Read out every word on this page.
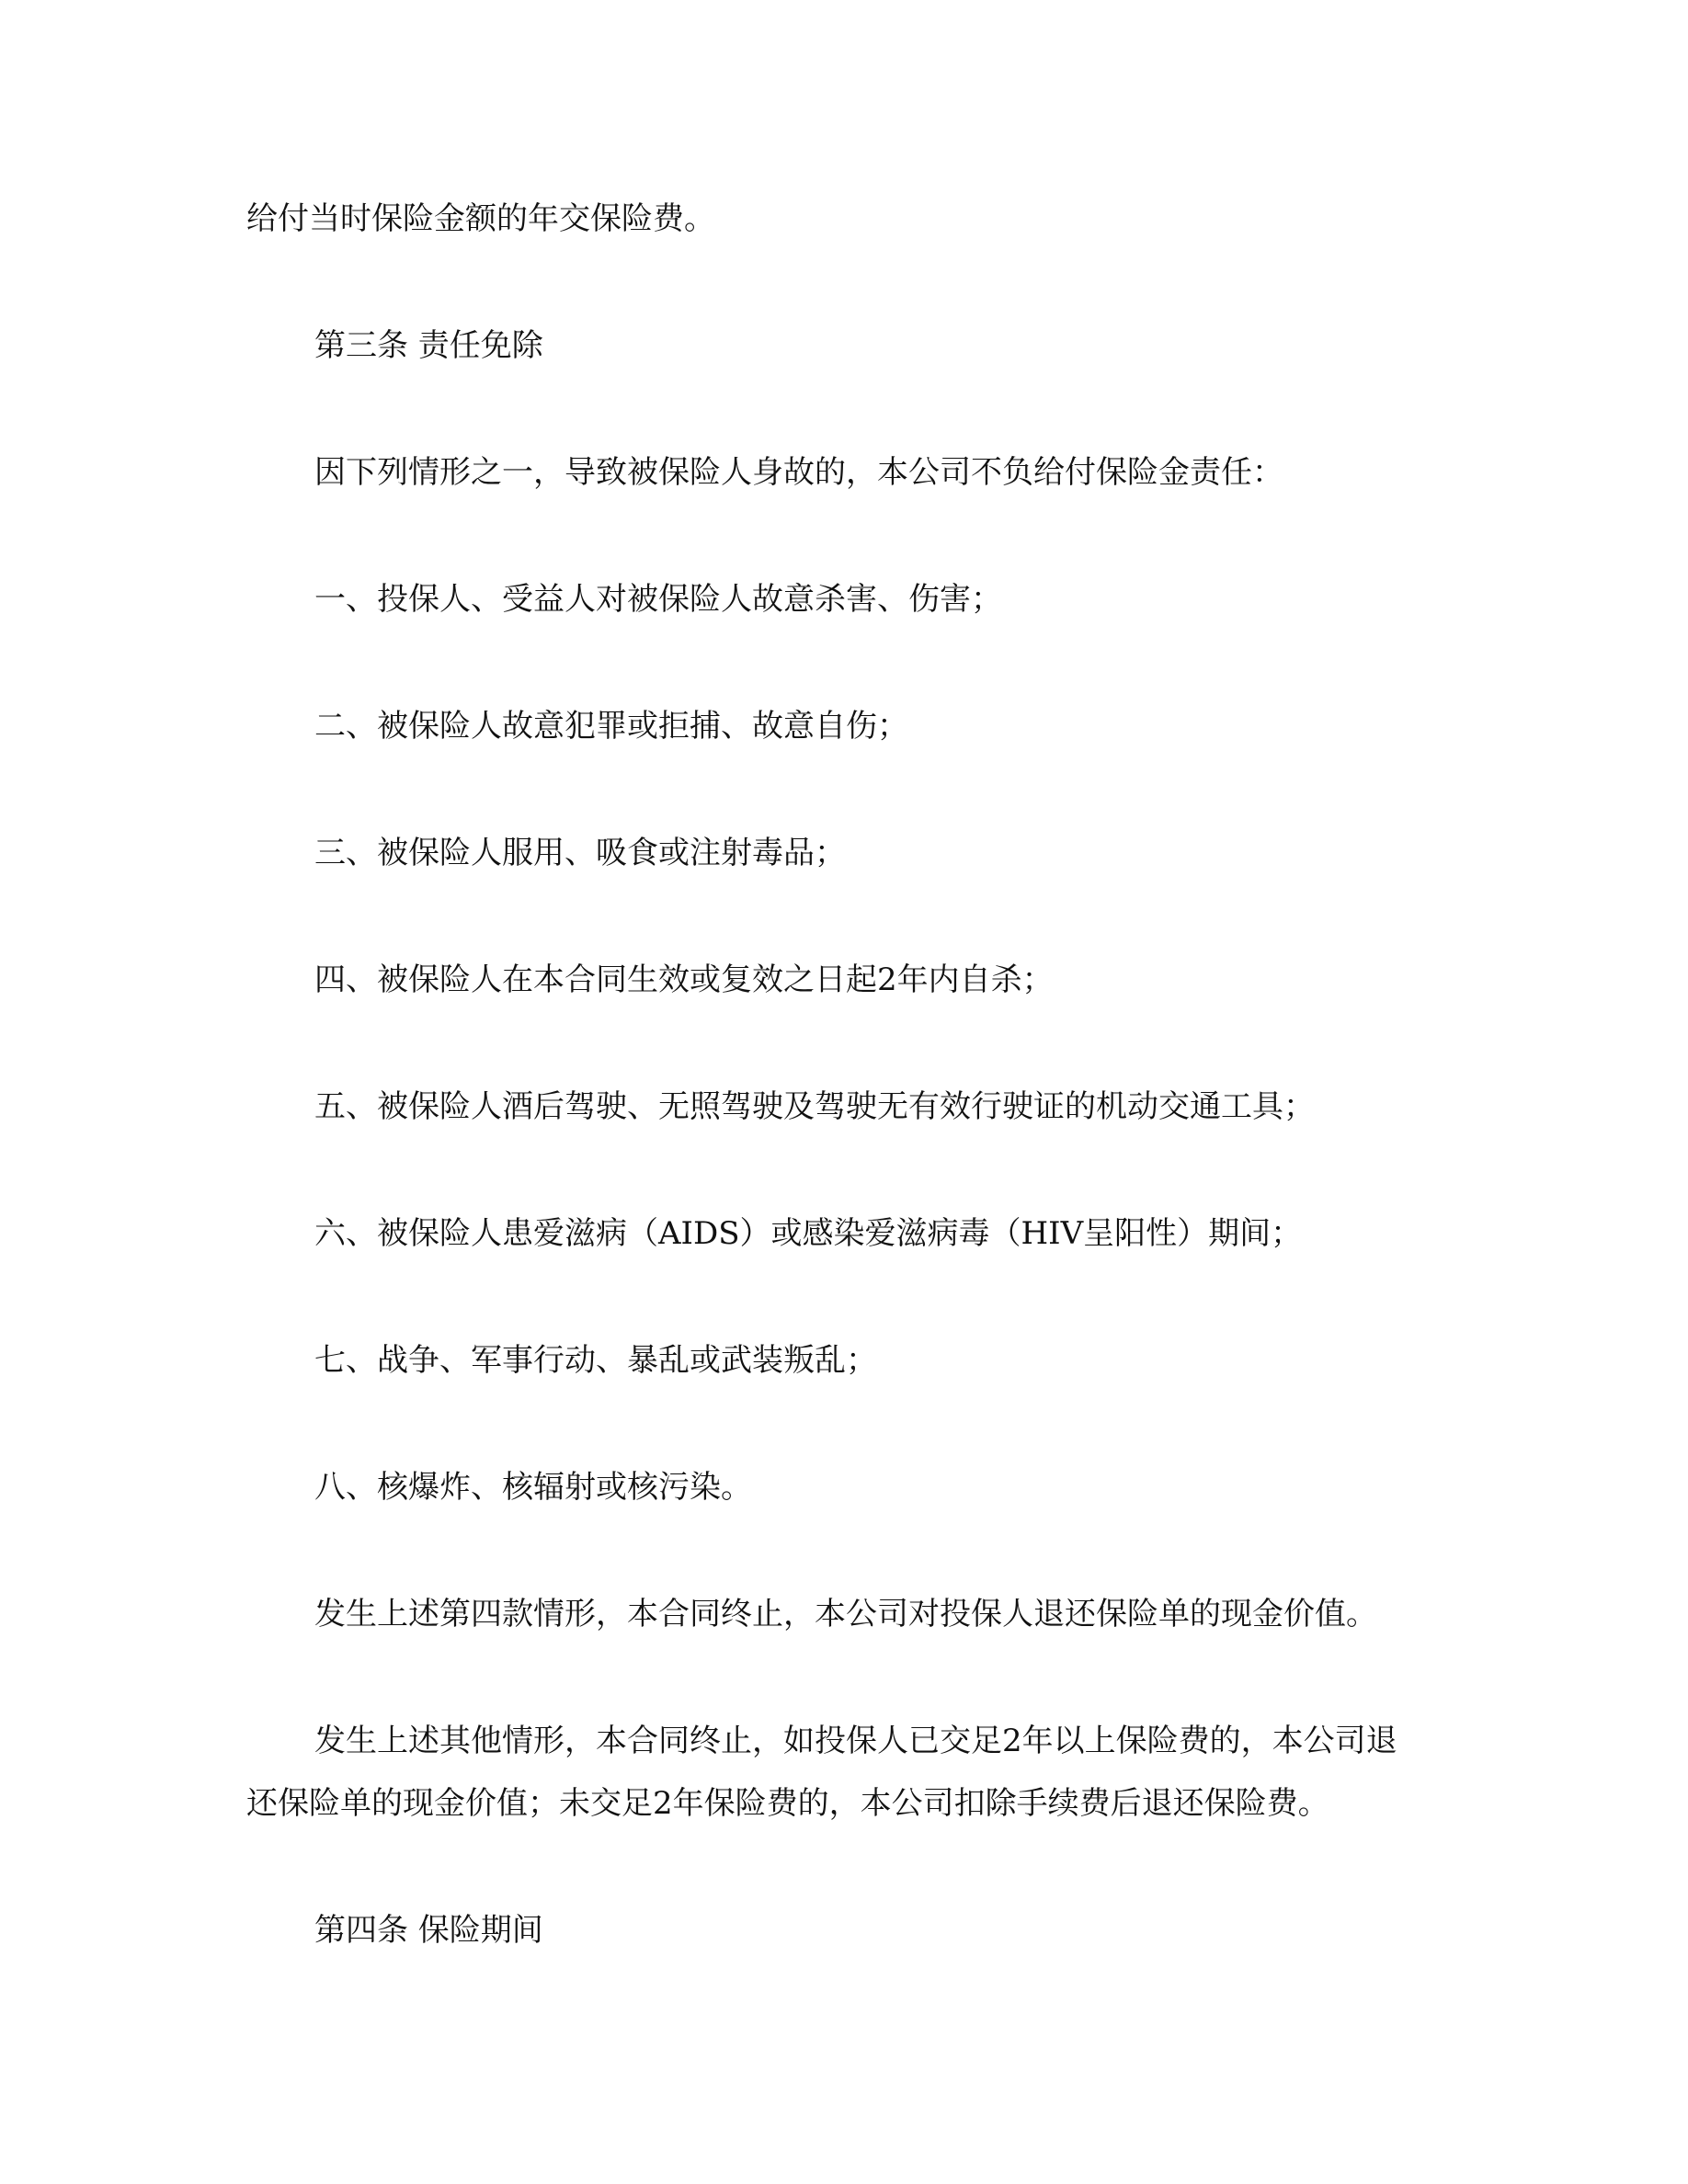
给付当时保险金额的年交保险费。
第三条 责任免除
因下列情形之一，导致被保险人身故的，本公司不负给付保险金责任：
一、投保人、受益人对被保险人故意杀害、伤害；
二、被保险人故意犯罪或拒捕、故意自伤；
三、被保险人服用、吸食或注射毒品；
四、被保险人在本合同生效或复效之日起2年内自杀；
五、被保险人酒后驾驶、无照驾驶及驾驶无有效行驶证的机动交通工具；
六、被保险人患爱滋病（AIDS）或感染爱滋病毒（HIV呈阳性）期间；
七、战争、军事行动、暴乱或武装叛乱；
八、核爆炸、核辐射或核污染。
发生上述第四款情形，本合同终止，本公司对投保人退还保险单的现金价值。
发生上述其他情形，本合同终止，如投保人已交足2年以上保险费的，本公司退
还保险单的现金价值；未交足2年保险费的，本公司扣除手续费后退还保险费。
第四条 保险期间
